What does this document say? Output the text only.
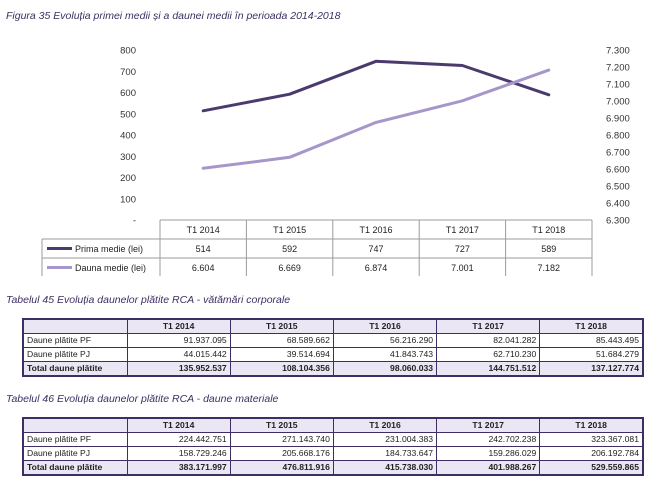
Figura 35 Evoluția primei medii și a daunei medii în perioada 2014-2018
-
100
200
300
400
500
600
700
800
6.300
6.400
6.500
6.600
6.700
6.800
6.900
7.000
7.100
7.200
7.300
T1 2014	T1 2015	T1 2016	T1 2017	T1 2018
Prima medie (lei)	514	592	747	727	589
Dauna medie (lei)	6.604	6.669	6.874	7.001	7.182
Tabelul 45 Evoluția daunelor plătite RCA - vătămări corporale
	T1 2014	T1 2015	T1 2016	T1 2017	T1 2018
Daune plătite PF	91.937.095	68.589.662	56.216.290	82.041.282	85.443.495
Daune plătite PJ	44.015.442	39.514.694	41.843.743	62.710.230	51.684.279
Total daune plătite	135.952.537	108.104.356	98.060.033	144.751.512	137.127.774
Tabelul 46 Evoluția daunelor plătite RCA - daune materiale
	T1 2014	T1 2015	T1 2016	T1 2017	T1 2018
Daune plătite PF	224.442.751	271.143.740	231.004.383	242.702.238	323.367.081
Daune plătite PJ	158.729.246	205.668.176	184.733.647	159.286.029	206.192.784
Total daune plătite	383.171.997	476.811.916	415.738.030	401.988.267	529.559.865
